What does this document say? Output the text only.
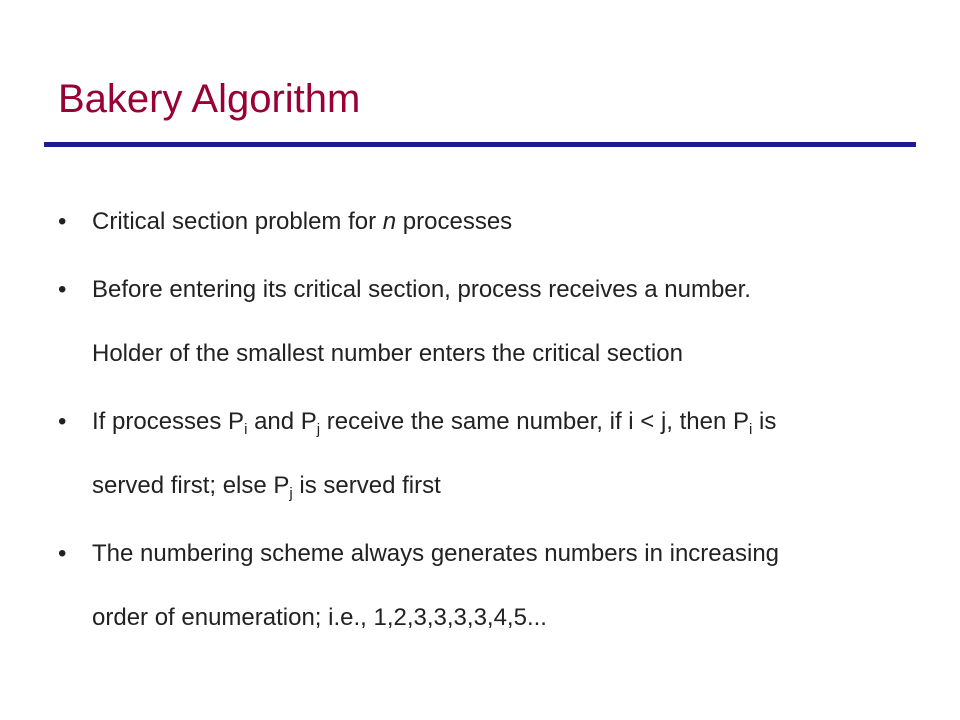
Bakery Algorithm
• Critical section problem for n processes
• Before entering its critical section, process receives a number.
Holder of the smallest number enters the critical section
• If processes $P_i$ and $P_j$ receive the same number, if i < j, then $P_i$ is
served first; else $P_j$ is served first
• The numbering scheme always generates numbers in increasing
order of enumeration; i.e., 1,2,3,3,3,3,4,5...
